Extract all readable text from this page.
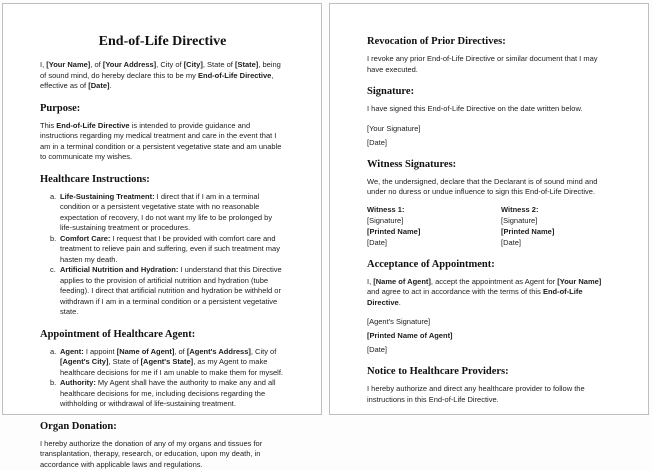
End-of-Life Directive

I, [Your Name], of [Your Address], City of [City], State of [State], being of sound mind, do hereby declare this to be my End-of-Life Directive, effective as of [Date].

Purpose:

This End-of-Life Directive is intended to provide guidance and instructions regarding my medical treatment and care in the event that I am in a terminal condition or a persistent vegetative state and am unable to communicate my wishes.

Healthcare Instructions:
a. Life-Sustaining Treatment: I direct that if I am in a terminal condition or a persistent vegetative state with no reasonable expectation of recovery, I do not want my life to be prolonged by life-sustaining treatment or procedures.
b. Comfort Care: I request that I be provided with comfort care and treatment to relieve pain and suffering, even if such treatment may hasten my death.
c. Artificial Nutrition and Hydration: I understand that this Directive applies to the provision of artificial nutrition and hydration (tube feeding). I direct that artificial nutrition and hydration be withheld or withdrawn if I am in a terminal condition or a persistent vegetative state.
Appointment of Healthcare Agent:
a. Agent: I appoint [Name of Agent], of [Agent's Address], City of [Agent's City], State of [Agent's State], as my Agent to make healthcare decisions for me if I am unable to make them for myself.
b. Authority: My Agent shall have the authority to make any and all healthcare decisions for me, including decisions regarding the withholding or withdrawal of life-sustaining treatment.
Organ Donation:

I hereby authorize the donation of any of my organs and tissues for transplantation, therapy, research, or education, upon my death, in accordance with applicable laws and regulations.

Revocation of Prior Directives:

I revoke any prior End-of-Life Directive or similar document that I may have executed.

Signature:

I have signed this End-of-Life Directive on the date written below.

[Your Signature]

[Date]

Witness Signatures:

We, the undersigned, declare that the Declarant is of sound mind and under no duress or undue influence to sign this End-of-Life Directive.

Witness 1:
[Signature]
[Printed Name]
[Date]
Witness 2:
[Signature]
[Printed Name]
[Date]
Acceptance of Appointment:

I, [Name of Agent], accept the appointment as Agent for [Your Name] and agree to act in accordance with the terms of this End-of-Life Directive.

[Agent's Signature]

[Printed Name of Agent]

[Date]

Notice to Healthcare Providers:

I hereby authorize and direct any healthcare provider to follow the instructions in this End-of-Life Directive.
